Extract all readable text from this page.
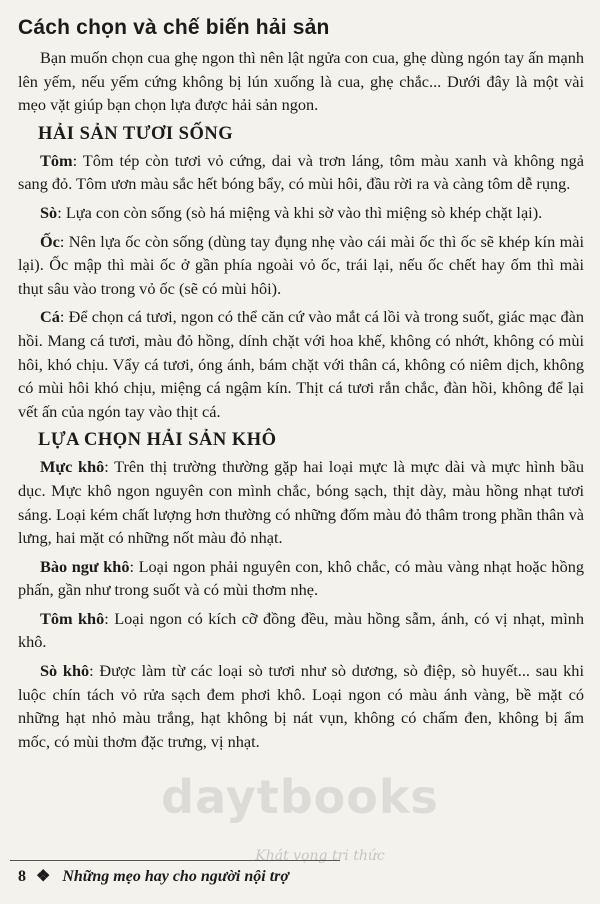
Cách chọn và chế biến hải sản

Bạn muốn chọn cua ghẹ ngon thì nên lật ngửa con cua, ghẹ dùng ngón tay ấn mạnh lên yếm, nếu yếm cứng không bị lún xuống là cua, ghẹ chắc... Dưới đây là một vài mẹo vặt giúp bạn chọn lựa được hải sản ngon.

HẢI SẢN TƯƠI SỐNG

Tôm: Tôm tép còn tươi vỏ cứng, dai và trơn láng, tôm màu xanh và không ngả sang đỏ. Tôm ươn màu sắc hết bóng bẩy, có mùi hôi, đầu rời ra và càng tôm dễ rụng.

Sò: Lựa con còn sống (sò há miệng và khi sờ vào thì miệng sò khép chặt lại).

Ốc: Nên lựa ốc còn sống (dùng tay đụng nhẹ vào cái mài ốc thì ốc sẽ khép kín mài lại). Ốc mập thì mài ốc ở gần phía ngoài vỏ ốc, trái lại, nếu ốc chết hay ốm thì mài thụt sâu vào trong vỏ ốc (sẽ có mùi hôi).

Cá: Để chọn cá tươi, ngon có thể căn cứ vào mắt cá lồi và trong suốt, giác mạc đàn hồi. Mang cá tươi, màu đỏ hồng, dính chặt với hoa khế, không có nhớt, không có mùi hôi, khó chịu. Vẩy cá tươi, óng ánh, bám chặt với thân cá, không có niêm dịch, không có mùi hôi khó chịu, miệng cá ngậm kín. Thịt cá tươi rắn chắc, đàn hồi, không để lại vết ấn của ngón tay vào thịt cá.

LỰA CHỌN HẢI SẢN KHÔ

Mực khô: Trên thị trường thường gặp hai loại mực là mực dài và mực hình bầu dục. Mực khô ngon nguyên con mình chắc, bóng sạch, thịt dày, màu hồng nhạt tươi sáng. Loại kém chất lượng hơn thường có những đốm màu đỏ thâm trong phần thân và lưng, hai mặt có những nốt màu đỏ nhạt.

Bào ngư khô: Loại ngon phải nguyên con, khô chắc, có màu vàng nhạt hoặc hồng phấn, gần như trong suốt và có mùi thơm nhẹ.

Tôm khô: Loại ngon có kích cỡ đồng đều, màu hồng sẫm, ánh, có vị nhạt, mình khô.

Sò khô: Được làm từ các loại sò tươi như sò dương, sò điệp, sò huyết... sau khi luộc chín tách vỏ rửa sạch đem phơi khô. Loại ngon có màu ánh vàng, bề mặt có những hạt nhỏ màu trắng, hạt không bị nát vụn, không có chấm đen, không bị ẩm mốc, có mùi thơm đặc trưng, vị nhạt.

daytbooks
Khát vọng tri thức
8 ❖ Những mẹo hay cho người nội trợ
